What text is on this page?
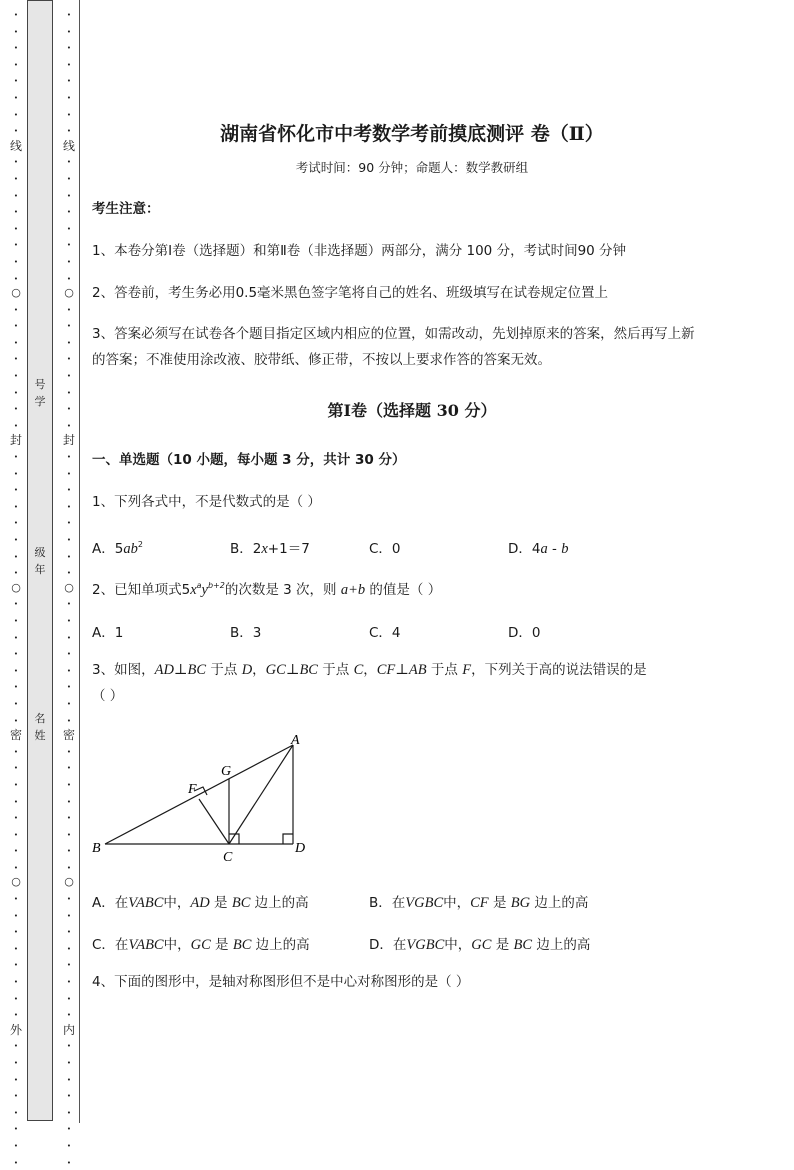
•
•
•
•
•
•
•
•
线
•
•
•
•
•
•
•
•
○
•
•
•
•
•
•
•
•
封
•
•
•
•
•
•
•
•
○
•
•
•
•
•
•
•
•
密
•
•
•
•
•
•
•
•
○
•
•
•
•
•
•
•
•
外
•
•
•
•
•
•
•
•
号
学
级
年
名
姓
•
•
•
•
•
•
•
•
线
•
•
•
•
•
•
•
•
○
•
•
•
•
•
•
•
•
封
•
•
•
•
•
•
•
•
○
•
•
•
•
•
•
•
•
密
•
•
•
•
•
•
•
•
○
•
•
•
•
•
•
•
•
内
•
•
•
•
•
•
•
•
湖南省怀化市中考数学考前摸底测评 卷（Ⅱ）
考试时间：90 分钟；命题人：数学教研组
考生注意：
1、本卷分第Ⅰ卷（选择题）和第Ⅱ卷（非选择题）两部分，满分 100 分，考试时间90 分钟
2、答卷前，考生务必用0.5毫米黑色签字笔将自己的姓名、班级填写在试卷规定位置上
3、答案必须写在试卷各个题目指定区域内相应的位置，如需改动，先划掉原来的答案，然后再写上新
的答案；不准使用涂改液、胶带纸、修正带，不按以上要求作答的答案无效。
第Ⅰ卷（选择题 30 分）
一、单选题（10 小题，每小题 3 分，共计 30 分）
1、下列各式中，不是代数式的是（ ）
A．$5ab^2$	B．2x+1＝7	C．0	D．4a - b
2、已知单项式$5x^ay^{b+2}$的次数是 3 次，则 a+b 的值是（ ）
A．1	B．3	C．4	D．0
3、如图，AD⊥BC 于点 D，GC⊥BC 于点 C，CF⊥AB 于点 F，下列关于高的说法错误的是
（ ）
A
B
C
D
F
G
A．在VABC中，AD 是 BC 边上的高	B．在VGBC中，CF 是 BG 边上的高
C．在VABC中，GC 是 BC 边上的高	D．在VGBC中，GC 是 BC 边上的高
4、下面的图形中，是轴对称图形但不是中心对称图形的是（ ）
